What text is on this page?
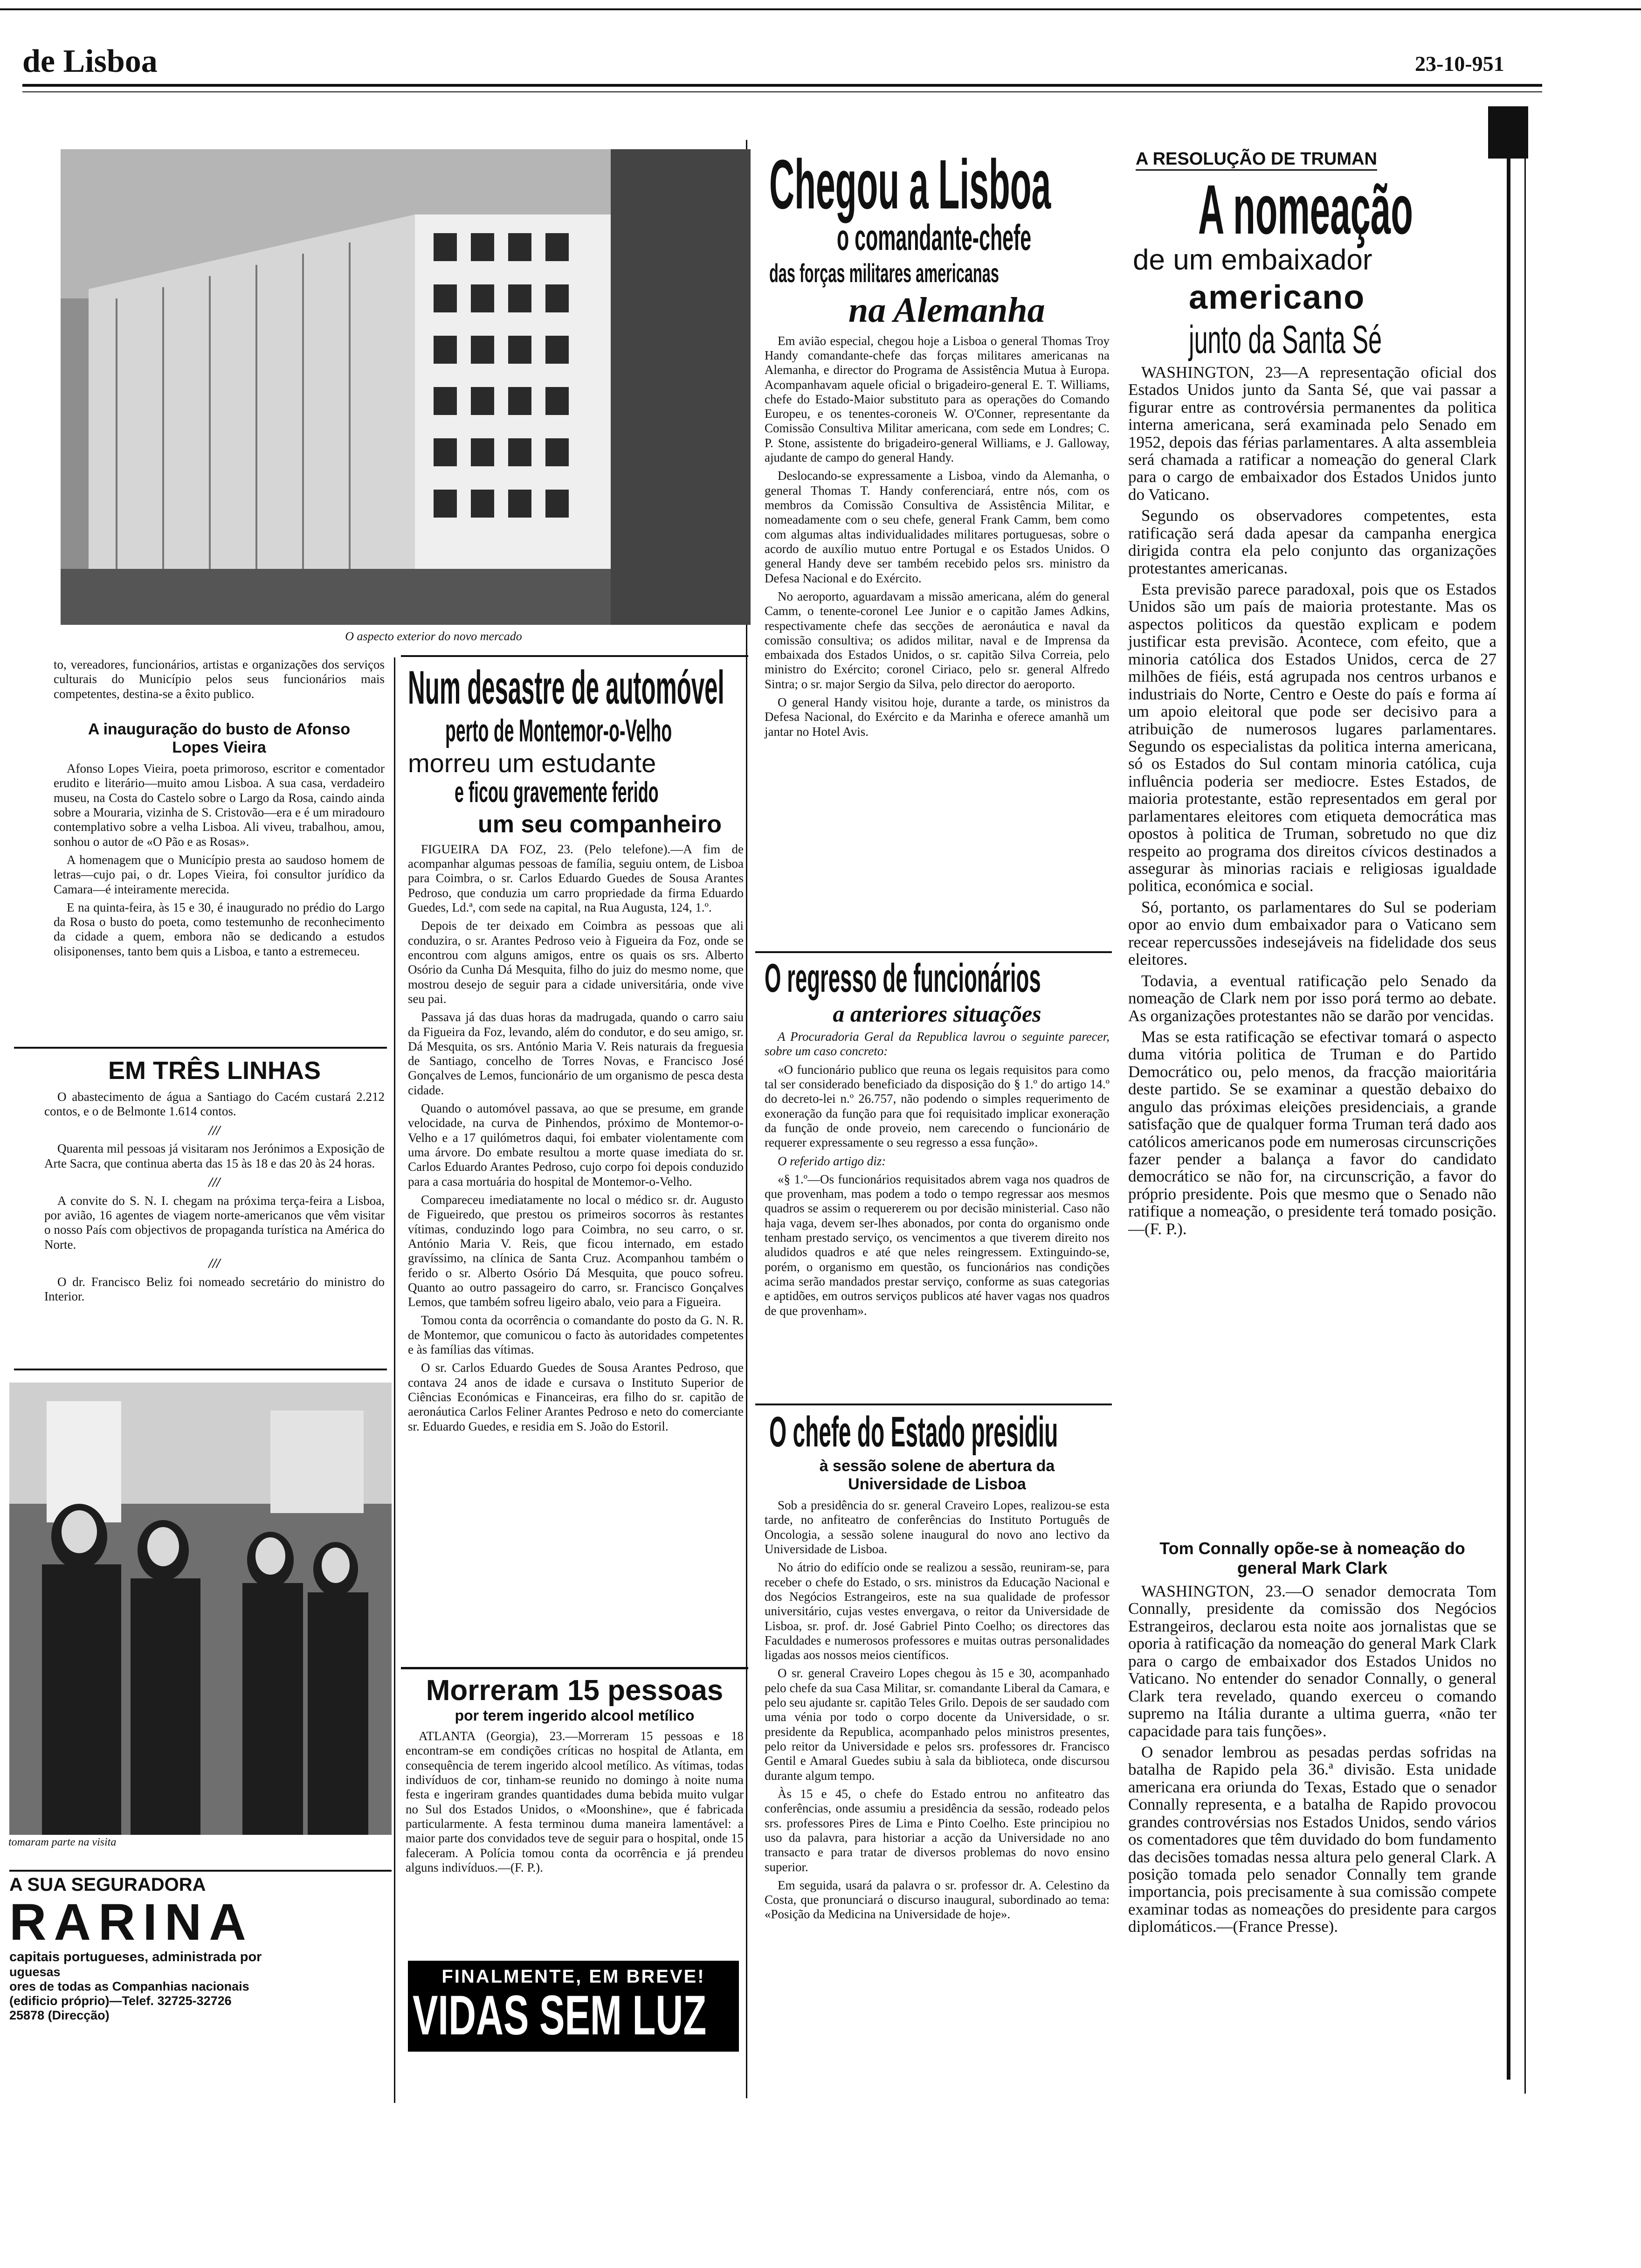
de Lisboa	23-10-951
O aspecto exterior do novo mercado
to, vereadores, funcionários, artistas e organizações dos serviços culturais do Município pelos seus funcionários mais competentes, destina-se a êxito publico.
A inauguração do busto de Afonso Lopes Vieira

Afonso Lopes Vieira, poeta primoroso, escritor e comentador erudito e literário—muito amou Lisboa. A sua casa, verdadeiro museu, na Costa do Castelo sobre o Largo da Rosa, caindo ainda sobre a Mouraria, vizinha de S. Cristovão—era e é um miradouro contemplativo sobre a velha Lisboa. Ali viveu, trabalhou, amou, sonhou o autor de «O Pão e as Rosas».

A homenagem que o Município presta ao saudoso homem de letras—cujo pai, o dr. Lopes Vieira, foi consultor jurídico da Camara—é inteiramente merecida.

E na quinta-feira, às 15 e 30, é inaugurado no prédio do Largo da Rosa o busto do poeta, como testemunho de reconhecimento da cidade a quem, embora não se dedicando a estudos olisiponenses, tanto bem quis a Lisboa, e tanto a estremeceu.

EM TRÊS LINHAS

O abastecimento de água a Santiago do Cacém custará 2.212 contos, e o de Belmonte 1.614 contos.

///

Quarenta mil pessoas já visitaram nos Jerónimos a Exposição de Arte Sacra, que continua aberta das 15 às 18 e das 20 às 24 horas.

///

A convite do S. N. I. chegam na próxima terça-feira a Lisboa, por avião, 16 agentes de viagem norte-americanos que vêm visitar o nosso País com objectivos de propaganda turística na América do Norte.

///

O dr. Francisco Beliz foi nomeado secretário do ministro do Interior.

tomaram parte na visita
A SUA SEGURADORA
RARINA
capitais portugueses, administrada por
uguesas
ores de todas as Companhias nacionais
(edificio próprio)—Telef. 32725-32726
25878 (Direcção)
Num desastre de automóvel
perto de Montemor-o-Velho
morreu um estudante
e ficou gravemente ferido
um seu companheiro

FIGUEIRA DA FOZ, 23. (Pelo telefone).—A fim de acompanhar algumas pessoas de família, seguiu ontem, de Lisboa para Coimbra, o sr. Carlos Eduardo Guedes de Sousa Arantes Pedroso, que conduzia um carro propriedade da firma Eduardo Guedes, Ld.ª, com sede na capital, na Rua Augusta, 124, 1.º.

Depois de ter deixado em Coimbra as pessoas que ali conduzira, o sr. Arantes Pedroso veio à Figueira da Foz, onde se encontrou com alguns amigos, entre os quais os srs. Alberto Osório da Cunha Dá Mesquita, filho do juiz do mesmo nome, que mostrou desejo de seguir para a cidade universitária, onde vive seu pai.

Passava já das duas horas da madrugada, quando o carro saiu da Figueira da Foz, levando, além do condutor, e do seu amigo, sr. Dá Mesquita, os srs. António Maria V. Reis naturais da freguesia de Santiago, concelho de Torres Novas, e Francisco José Gonçalves de Lemos, funcionário de um organismo de pesca desta cidade.

Quando o automóvel passava, ao que se presume, em grande velocidade, na curva de Pinhendos, próximo de Montemor-o-Velho e a 17 quilómetros daqui, foi embater violentamente com uma árvore. Do embate resultou a morte quase imediata do sr. Carlos Eduardo Arantes Pedroso, cujo corpo foi depois conduzido para a casa mortuária do hospital de Montemor-o-Velho.

Compareceu imediatamente no local o médico sr. dr. Augusto de Figueiredo, que prestou os primeiros socorros às restantes vítimas, conduzindo logo para Coimbra, no seu carro, o sr. António Maria V. Reis, que ficou internado, em estado gravíssimo, na clínica de Santa Cruz. Acompanhou também o ferido o sr. Alberto Osório Dá Mesquita, que pouco sofreu. Quanto ao outro passageiro do carro, sr. Francisco Gonçalves Lemos, que também sofreu ligeiro abalo, veio para a Figueira.

Tomou conta da ocorrência o comandante do posto da G. N. R. de Montemor, que comunicou o facto às autoridades competentes e às famílias das vítimas.

O sr. Carlos Eduardo Guedes de Sousa Arantes Pedroso, que contava 24 anos de idade e cursava o Instituto Superior de Ciências Económicas e Financeiras, era filho do sr. capitão de aeronáutica Carlos Feliner Arantes Pedroso e neto do comerciante sr. Eduardo Guedes, e residia em S. João do Estoril.

Morreram 15 pessoas
por terem ingerido alcool metílico

ATLANTA (Georgia), 23.—Morreram 15 pessoas e 18 encontram-se em condições críticas no hospital de Atlanta, em consequência de terem ingerido alcool metílico. As vítimas, todas indivíduos de cor, tinham-se reunido no domingo à noite numa festa e ingeriram grandes quantidades duma bebida muito vulgar no Sul dos Estados Unidos, o «Moonshine», que é fabricada particularmente. A festa terminou duma maneira lamentável: a maior parte dos convidados teve de seguir para o hospital, onde 15 faleceram. A Polícia tomou conta da ocorrência e já prendeu alguns indivíduos.—(F. P.).

FINALMENTE, EM BREVE!
VIDAS SEM LUZ
Chegou a Lisboa
o comandante-chefe
das forças militares americanas
na Alemanha

Em avião especial, chegou hoje a Lisboa o general Thomas Troy Handy comandante-chefe das forças militares americanas na Alemanha, e director do Programa de Assistência Mutua à Europa. Acompanhavam aquele oficial o brigadeiro-general E. T. Williams, chefe do Estado-Maior substituto para as operações do Comando Europeu, e os tenentes-coroneis W. O'Conner, representante da Comissão Consultiva Militar americana, com sede em Londres; C. P. Stone, assistente do brigadeiro-general Williams, e J. Galloway, ajudante de campo do general Handy.

Deslocando-se expressamente a Lisboa, vindo da Alemanha, o general Thomas T. Handy conferenciará, entre nós, com os membros da Comissão Consultiva de Assistência Militar, e nomeadamente com o seu chefe, general Frank Camm, bem como com algumas altas individualidades militares portuguesas, sobre o acordo de auxílio mutuo entre Portugal e os Estados Unidos. O general Handy deve ser também recebido pelos srs. ministro da Defesa Nacional e do Exército.

No aeroporto, aguardavam a missão americana, além do general Camm, o tenente-coronel Lee Junior e o capitão James Adkins, respectivamente chefe das secções de aeronáutica e naval da comissão consultiva; os adidos militar, naval e de Imprensa da embaixada dos Estados Unidos, o sr. capitão Silva Correia, pelo ministro do Exército; coronel Ciriaco, pelo sr. general Alfredo Sintra; o sr. major Sergio da Silva, pelo director do aeroporto.

O general Handy visitou hoje, durante a tarde, os ministros da Defesa Nacional, do Exército e da Marinha e oferece amanhã um jantar no Hotel Avis.

O regresso de funcionários
a anteriores situações

A Procuradoria Geral da Republica lavrou o seguinte parecer, sobre um caso concreto:

«O funcionário publico que reuna os legais requisitos para como tal ser considerado beneficiado da disposição do § 1.º do artigo 14.º do decreto-lei n.º 26.757, não podendo o simples requerimento de exoneração da função para que foi requisitado implicar exoneração da função de onde proveio, nem carecendo o funcionário de requerer expressamente o seu regresso a essa função».

O referido artigo diz:

«§ 1.º—Os funcionários requisitados abrem vaga nos quadros de que provenham, mas podem a todo o tempo regressar aos mesmos quadros se assim o requererem ou por decisão ministerial. Caso não haja vaga, devem ser-lhes abonados, por conta do organismo onde tenham prestado serviço, os vencimentos a que tiverem direito nos aludidos quadros e até que neles reingressem. Extinguindo-se, porém, o organismo em questão, os funcionários nas condições acima serão mandados prestar serviço, conforme as suas categorias e aptidões, em outros serviços publicos até haver vagas nos quadros de que provenham».

O chefe do Estado presidiu
à sessão solene de abertura da Universidade de Lisboa

Sob a presidência do sr. general Craveiro Lopes, realizou-se esta tarde, no anfiteatro de conferências do Instituto Português de Oncologia, a sessão solene inaugural do novo ano lectivo da Universidade de Lisboa.

No átrio do edifício onde se realizou a sessão, reuniram-se, para receber o chefe do Estado, o srs. ministros da Educação Nacional e dos Negócios Estrangeiros, este na sua qualidade de professor universitário, cujas vestes envergava, o reitor da Universidade de Lisboa, sr. prof. dr. José Gabriel Pinto Coelho; os directores das Faculdades e numerosos professores e muitas outras personalidades ligadas aos nossos meios científicos.

O sr. general Craveiro Lopes chegou às 15 e 30, acompanhado pelo chefe da sua Casa Militar, sr. comandante Liberal da Camara, e pelo seu ajudante sr. capitão Teles Grilo. Depois de ser saudado com uma vénia por todo o corpo docente da Universidade, o sr. presidente da Republica, acompanhado pelos ministros presentes, pelo reitor da Universidade e pelos srs. professores dr. Francisco Gentil e Amaral Guedes subiu à sala da biblioteca, onde discursou durante algum tempo.

Às 15 e 45, o chefe do Estado entrou no anfiteatro das conferências, onde assumiu a presidência da sessão, rodeado pelos srs. professores Pires de Lima e Pinto Coelho. Este principiou no uso da palavra, para historiar a acção da Universidade no ano transacto e para tratar de diversos problemas do novo ensino superior.

Em seguida, usará da palavra o sr. professor dr. A. Celestino da Costa, que pronunciará o discurso inaugural, subordinado ao tema: «Posição da Medicina na Universidade de hoje».

A RESOLUÇÃO DE TRUMAN
A nomeação
de um embaixador
americano
junto da Santa Sé

WASHINGTON, 23—A representação oficial dos Estados Unidos junto da Santa Sé, que vai passar a figurar entre as controvérsia permanentes da politica interna americana, será examinada pelo Senado em 1952, depois das férias parlamentares. A alta assembleia será chamada a ratificar a nomeação do general Clark para o cargo de embaixador dos Estados Unidos junto do Vaticano.

Segundo os observadores competentes, esta ratificação será dada apesar da campanha energica dirigida contra ela pelo conjunto das organizações protestantes americanas.

Esta previsão parece paradoxal, pois que os Estados Unidos são um país de maioria protestante. Mas os aspectos politicos da questão explicam e podem justificar esta previsão. Acontece, com efeito, que a minoria católica dos Estados Unidos, cerca de 27 milhões de fiéis, está agrupada nos centros urbanos e industriais do Norte, Centro e Oeste do país e forma aí um apoio eleitoral que pode ser decisivo para a atribuição de numerosos lugares parlamentares. Segundo os especialistas da politica interna americana, só os Estados do Sul contam minoria católica, cuja influência poderia ser mediocre. Estes Estados, de maioria protestante, estão representados em geral por parlamentares eleitores com etiqueta democrática mas opostos à politica de Truman, sobretudo no que diz respeito ao programa dos direitos cívicos destinados a assegurar às minorias raciais e religiosas igualdade politica, económica e social.

Só, portanto, os parlamentares do Sul se poderiam opor ao envio dum embaixador para o Vaticano sem recear repercussões indesejáveis na fidelidade dos seus eleitores.

Todavia, a eventual ratificação pelo Senado da nomeação de Clark nem por isso porá termo ao debate. As organizações protestantes não se darão por vencidas.

Mas se esta ratificação se efectivar tomará o aspecto duma vitória politica de Truman e do Partido Democrático ou, pelo menos, da fracção maioritária deste partido. Se se examinar a questão debaixo do angulo das próximas eleições presidenciais, a grande satisfação que de qualquer forma Truman terá dado aos católicos americanos pode em numerosas circunscrições fazer pender a balança a favor do candidato democrático se não for, na circunscrição, a favor do próprio presidente. Pois que mesmo que o Senado não ratifique a nomeação, o presidente terá tomado posição.—(F. P.).

Tom Connally opõe-se à nomeação do general Mark Clark

WASHINGTON, 23.—O senador democrata Tom Connally, presidente da comissão dos Negócios Estrangeiros, declarou esta noite aos jornalistas que se oporia à ratificação da nomeação do general Mark Clark para o cargo de embaixador dos Estados Unidos no Vaticano. No entender do senador Connally, o general Clark tera revelado, quando exerceu o comando supremo na Itália durante a ultima guerra, «não ter capacidade para tais funções».

O senador lembrou as pesadas perdas sofridas na batalha de Rapido pela 36.ª divisão. Esta unidade americana era oriunda do Texas, Estado que o senador Connally representa, e a batalha de Rapido provocou grandes controvérsias nos Estados Unidos, sendo vários os comentadores que têm duvidado do bom fundamento das decisões tomadas nessa altura pelo general Clark. A posição tomada pelo senador Connally tem grande importancia, pois precisamente à sua comissão compete examinar todas as nomeações do presidente para cargos diplomáticos.—(France Presse).
